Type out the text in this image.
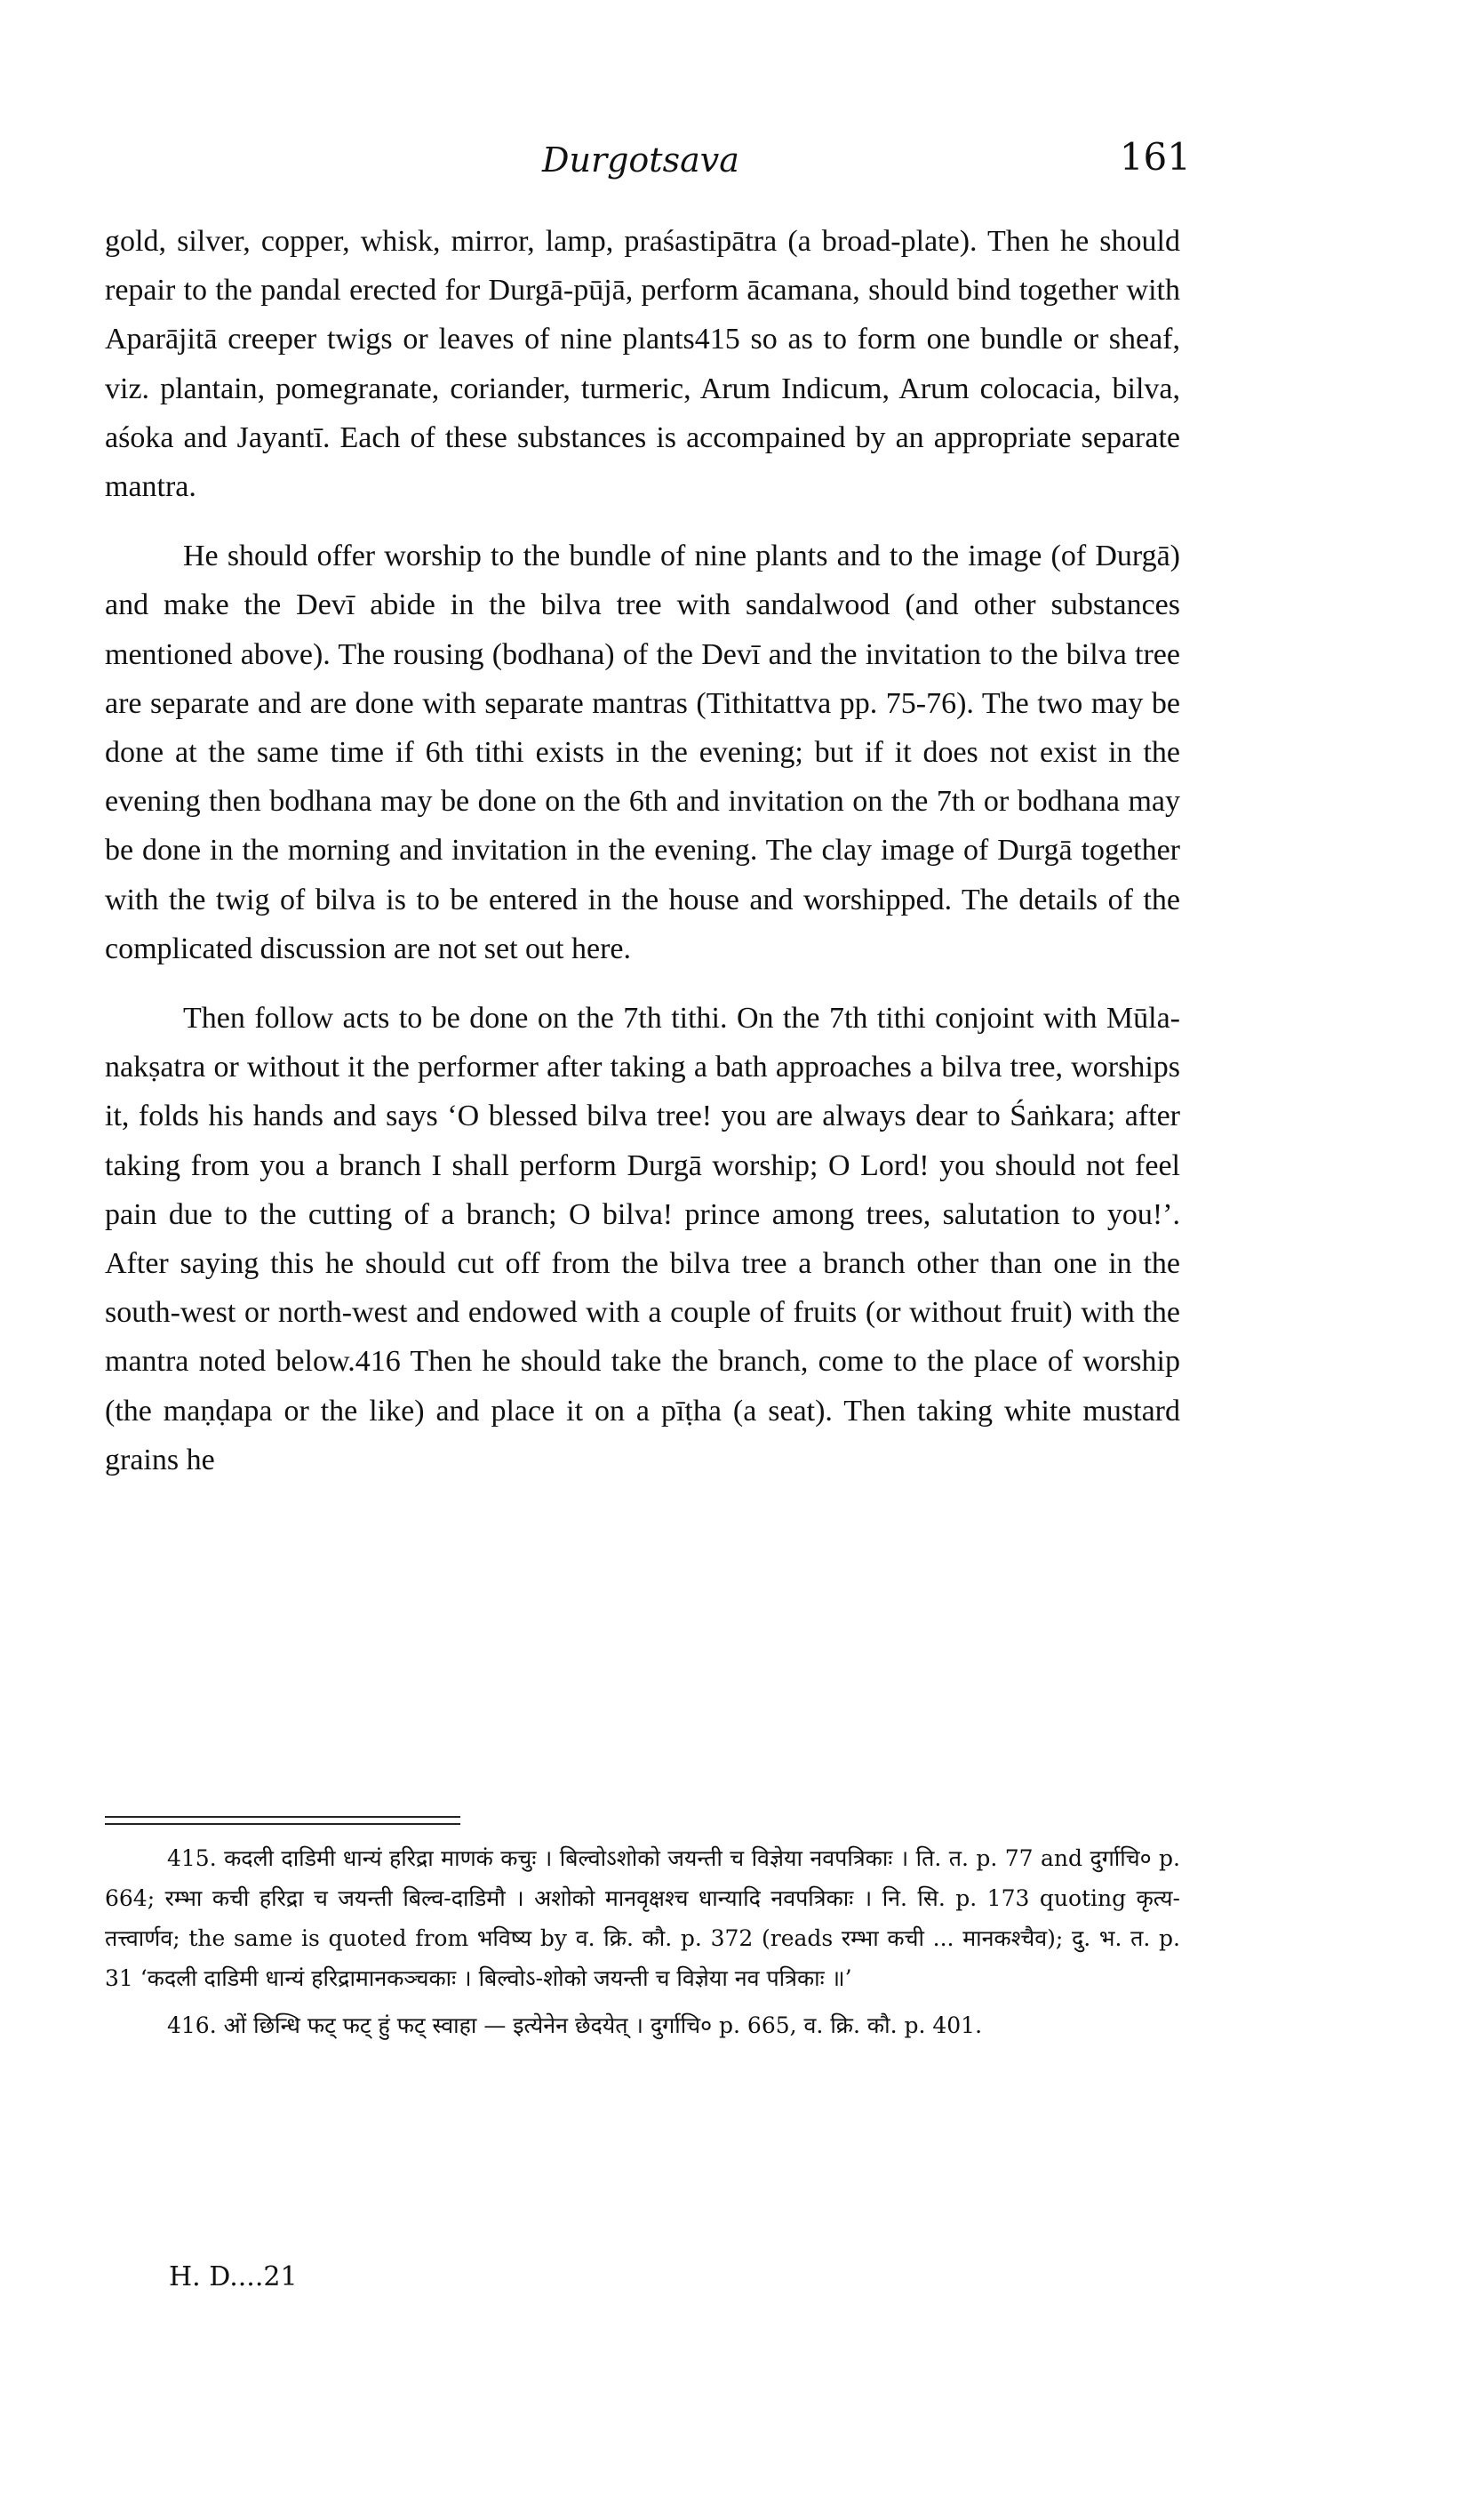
Durgotsava	161

gold, silver, copper, whisk, mirror, lamp, praśastipātra (a broad-plate). Then he should repair to the pandal erected for Durgā-pūjā, perform ācamana, should bind together with Aparājitā creeper twigs or leaves of nine plants415 so as to form one bundle or sheaf, viz. plantain, pomegranate, coriander, turmeric, Arum Indicum, Arum colocacia, bilva, aśoka and Jayantī. Each of these substances is accompained by an appropriate separate mantra.

He should offer worship to the bundle of nine plants and to the image (of Durgā) and make the Devī abide in the bilva tree with sandalwood (and other substances mentioned above). The rousing (bodhana) of the Devī and the invitation to the bilva tree are separate and are done with separate mantras (Tithitattva pp. 75-76). The two may be done at the same time if 6th tithi exists in the evening; but if it does not exist in the evening then bodhana may be done on the 6th and invitation on the 7th or bodhana may be done in the morning and invitation in the evening. The clay image of Durgā together with the twig of bilva is to be entered in the house and worshipped. The details of the complicated discussion are not set out here.

Then follow acts to be done on the 7th tithi. On the 7th tithi conjoint with Mūla-nakṣatra or without it the performer after taking a bath approaches a bilva tree, worships it, folds his hands and says ‘O blessed bilva tree! you are always dear to Śaṅkara; after taking from you a branch I shall perform Durgā worship; O Lord! you should not feel pain due to the cutting of a branch; O bilva! prince among trees, salutation to you!’. After saying this he should cut off from the bilva tree a branch other than one in the south-west or north-west and endowed with a couple of fruits (or without fruit) with the mantra noted below.416 Then he should take the branch, come to the place of worship (the maṇḍapa or the like) and place it on a pīṭha (a seat). Then taking white mustard grains he

415. कदली दाडिमी धान्यं हरिद्रा माणकं कचुः । बिल्वोऽशोको जयन्ती च विज्ञेया नवपत्रिकाः । ति. त. p. 77 and दुर्गाचि० p. 664; रम्भा कची हरिद्रा च जयन्ती बिल्व-दाडिमौ । अशोको मानवृक्षश्च धान्यादि नवपत्रिकाः । नि. सि. p. 173 quoting कृत्य-तत्त्वार्णव; the same is quoted from भविष्य by व. क्रि. कौ. p. 372 (reads रम्भा कची ... मानकश्चैव); दु. भ. त. p. 31 ‘कदली दाडिमी धान्यं हरिद्रामानकञ्चकाः । बिल्वोऽ-शोको जयन्ती च विज्ञेया नव पत्रिकाः ॥’

416. ओं छिन्धि फट् फट् हुं फट् स्वाहा — इत्येनेन छेदयेत् । दुर्गाचि० p. 665, व. क्रि. कौ. p. 401.

H. D....21
